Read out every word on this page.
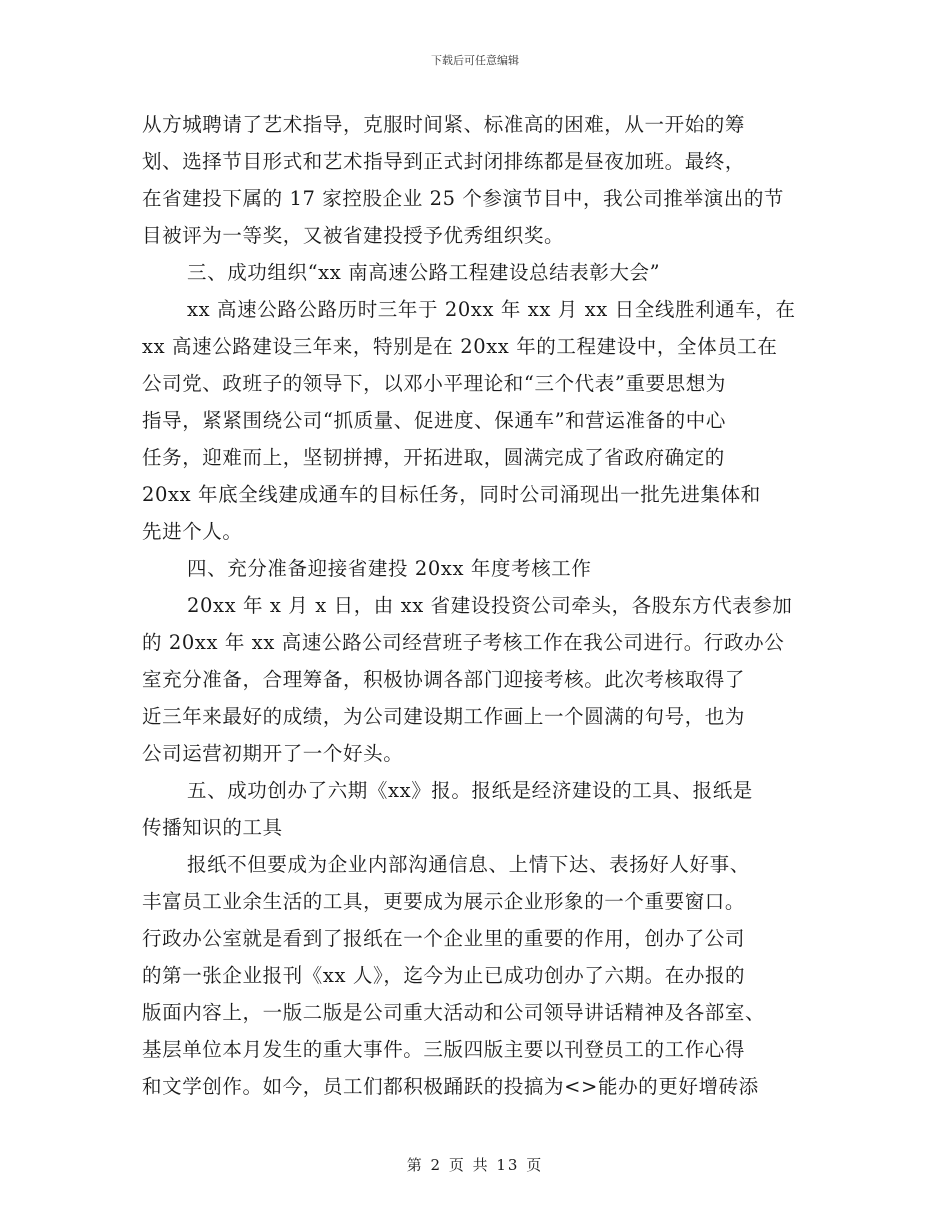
下载后可任意编辑
从方城聘请了艺术指导，克服时间紧、标准高的困难，从一开始的筹
划、选择节目形式和艺术指导到正式封闭排练都是昼夜加班。最终，
在省建投下属的 17 家控股企业 25 个参演节目中，我公司推举演出的节
目被评为一等奖，又被省建投授予优秀组织奖。
三、成功组织“xx 南高速公路工程建设总结表彰大会”
xx 高速公路公路历时三年于 20xx 年 xx 月 xx 日全线胜利通车，在
xx 高速公路建设三年来，特别是在 20xx 年的工程建设中，全体员工在
公司党、政班子的领导下，以邓小平理论和“三个代表”重要思想为
指导，紧紧围绕公司“抓质量、促进度、保通车”和营运准备的中心
任务，迎难而上，坚韧拼搏，开拓进取，圆满完成了省政府确定的
20xx 年底全线建成通车的目标任务，同时公司涌现出一批先进集体和
先进个人。
四、充分准备迎接省建投 20xx 年度考核工作
20xx 年 x 月 x 日，由 xx 省建设投资公司牵头，各股东方代表参加
的 20xx 年 xx 高速公路公司经营班子考核工作在我公司进行。行政办公
室充分准备，合理筹备，积极协调各部门迎接考核。此次考核取得了
近三年来最好的成绩，为公司建设期工作画上一个圆满的句号，也为
公司运营初期开了一个好头。
五、成功创办了六期《xx》报。报纸是经济建设的工具、报纸是
传播知识的工具
报纸不但要成为企业内部沟通信息、上情下达、表扬好人好事、
丰富员工业余生活的工具，更要成为展示企业形象的一个重要窗口。
行政办公室就是看到了报纸在一个企业里的重要的作用，创办了公司
的第一张企业报刊《xx 人》，迄今为止已成功创办了六期。在办报的
版面内容上，一版二版是公司重大活动和公司领导讲话精神及各部室、
基层单位本月发生的重大事件。三版四版主要以刊登员工的工作心得
和文学创作。如今，员工们都积极踊跃的投搞为<>能办的更好增砖添
第 2 页 共 13 页
